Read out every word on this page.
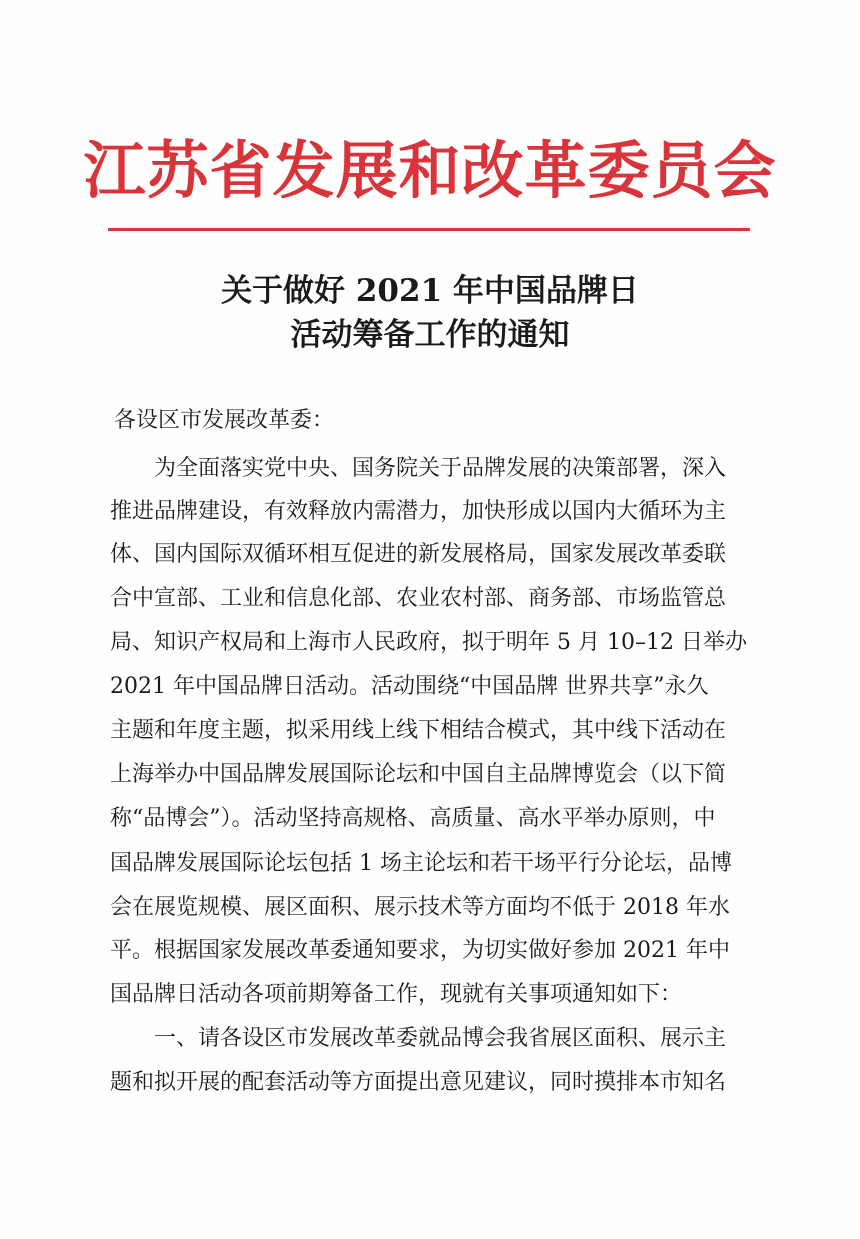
江苏省发展和改革委员会
关于做好 2021 年中国品牌日
活动筹备工作的通知
各设区市发展改革委：
　　为全面落实党中央、国务院关于品牌发展的决策部署，深入
推进品牌建设，有效释放内需潜力，加快形成以国内大循环为主
体、国内国际双循环相互促进的新发展格局，国家发展改革委联
合中宣部、工业和信息化部、农业农村部、商务部、市场监管总
局、知识产权局和上海市人民政府，拟于明年 5 月 10–12 日举办
2021 年中国品牌日活动。活动围绕“中国品牌 世界共享”永久
主题和年度主题，拟采用线上线下相结合模式，其中线下活动在
上海举办中国品牌发展国际论坛和中国自主品牌博览会（以下简
称“品博会”）。活动坚持高规格、高质量、高水平举办原则，中
国品牌发展国际论坛包括 1 场主论坛和若干场平行分论坛，品博
会在展览规模、展区面积、展示技术等方面均不低于 2018 年水
平。根据国家发展改革委通知要求，为切实做好参加 2021 年中
国品牌日活动各项前期筹备工作，现就有关事项通知如下：
　　一、请各设区市发展改革委就品博会我省展区面积、展示主
题和拟开展的配套活动等方面提出意见建议，同时摸排本市知名
